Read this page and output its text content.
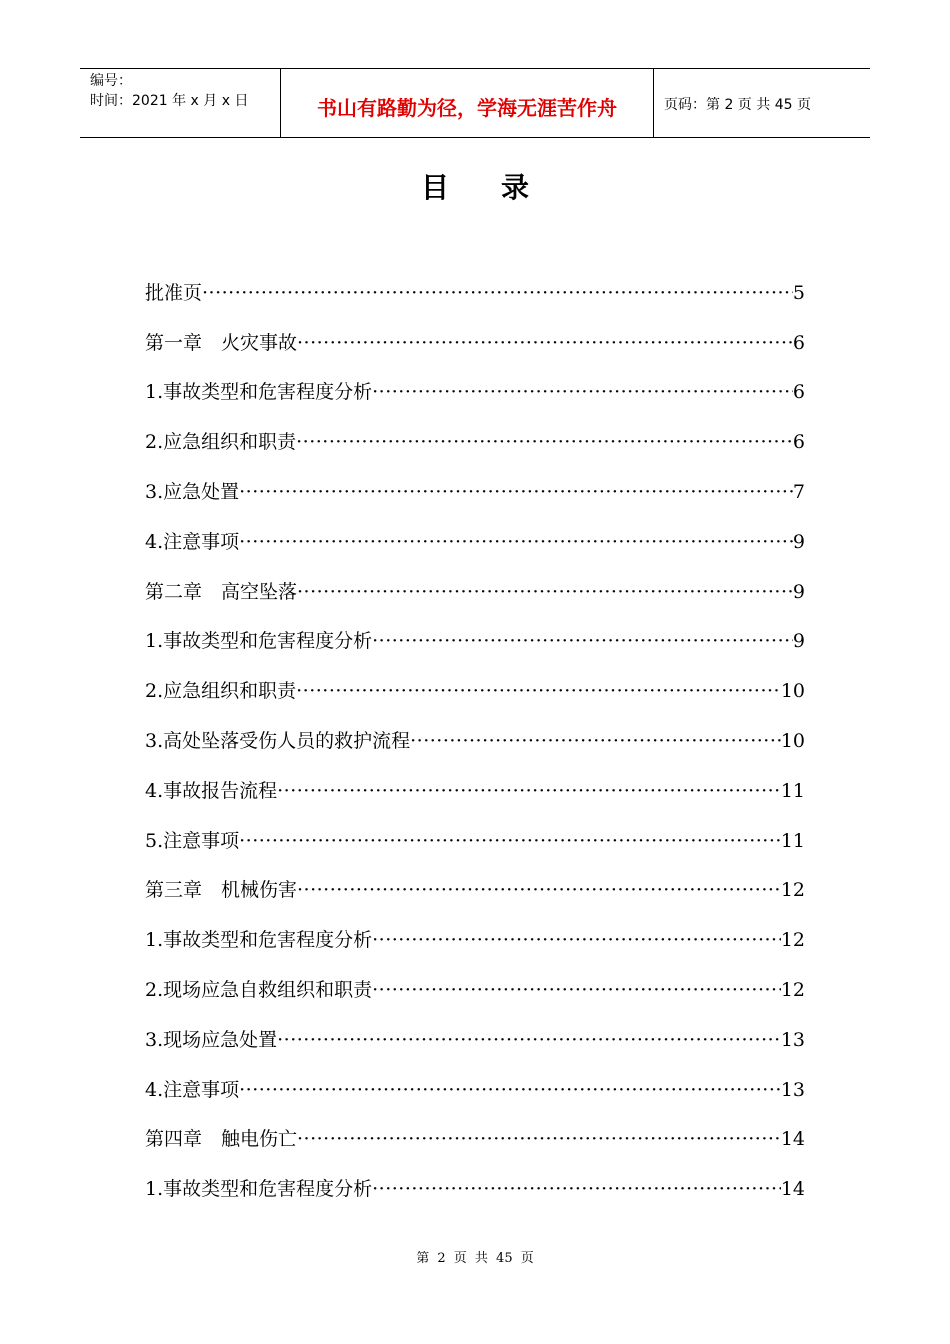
编号：
时间：2021 年 x 月 x 日	书山有路勤为径，学海无涯苦作舟	页码：第 2 页 共 45 页
目录
批准页 ·····	5
第一章　火灾事故 ·····	6
1.事故类型和危害程度分析 ·····	6
2.应急组织和职责 ·····	6
3.应急处置 ·····	7
4.注意事项 ·····	9
第二章　高空坠落 ·····	9
1.事故类型和危害程度分析 ·····	9
2.应急组织和职责 ·····	10
3.高处坠落受伤人员的救护流程 ·····	10
4.事故报告流程 ·····	11
5.注意事项 ·····	11
第三章　机械伤害 ·····	12
1.事故类型和危害程度分析 ·····	12
2.现场应急自救组织和职责 ·····	12
3.现场应急处置 ·····	13
4.注意事项 ·····	13
第四章　触电伤亡 ·····	14
1.事故类型和危害程度分析 ·····	14
第 2 页 共 45 页
